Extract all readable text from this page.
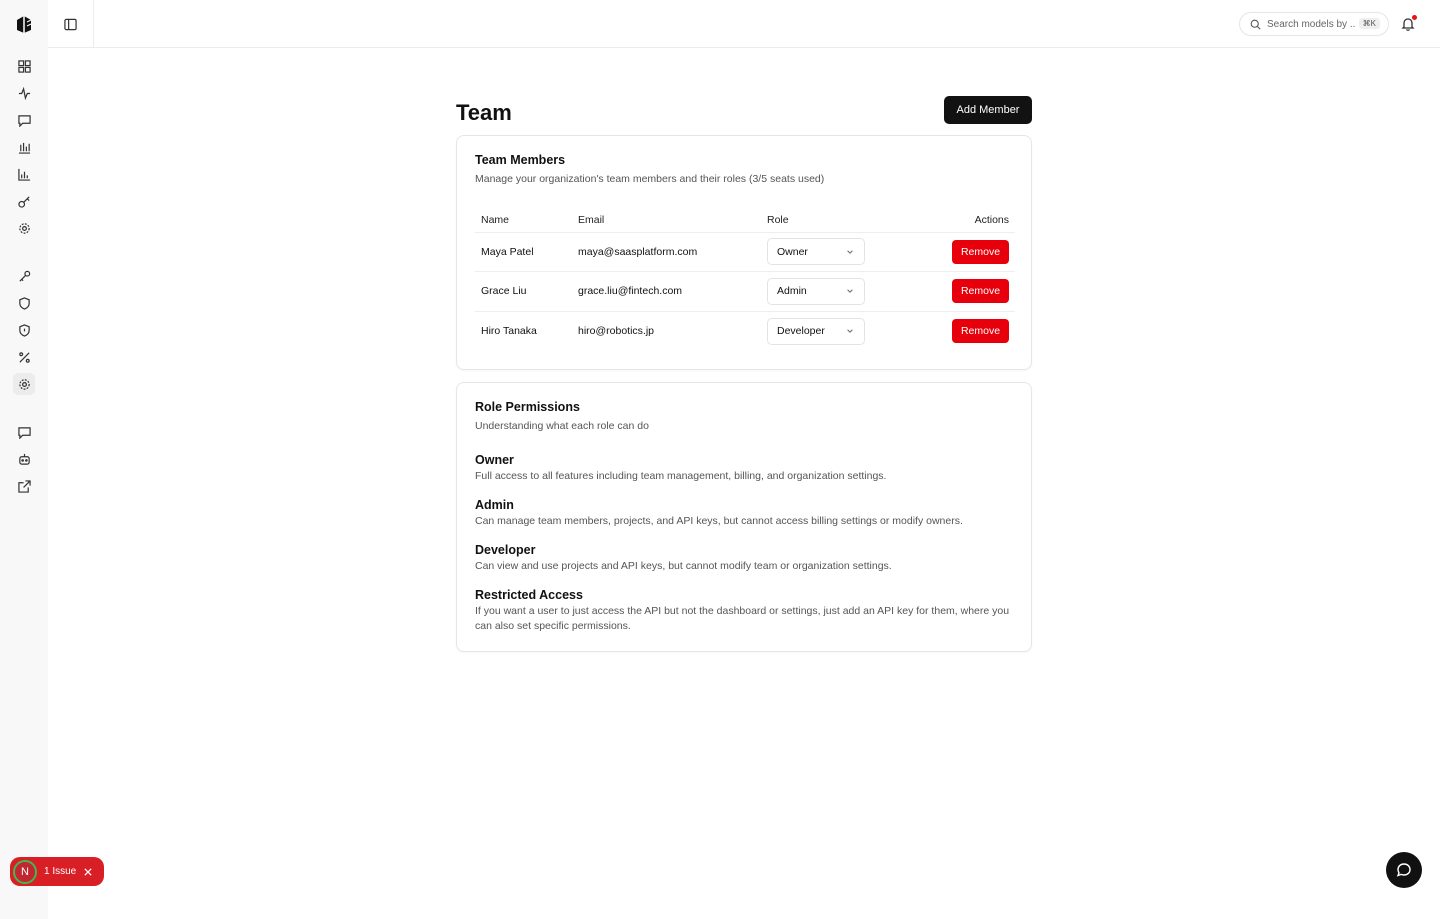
Search models by ...
⌘K
Team	Add Member
Team Members
Manage your organization's team members and their roles (3/5 seats used)
Name	Email	Role	Actions
Maya Patel	maya@saasplatform.com	Owner	Remove
Grace Liu	grace.liu@fintech.com	Admin	Remove
Hiro Tanaka	hiro@robotics.jp	Developer	Remove
Role Permissions
Understanding what each role can do
Owner
Full access to all features including team management, billing, and organization settings.
Admin
Can manage team members, projects, and API keys, but cannot access billing settings or modify owners.
Developer
Can view and use projects and API keys, but cannot modify team or organization settings.
Restricted Access
If you want a user to just access the API but not the dashboard or settings, just add an API key for them, where you can also set specific permissions.
N	1 Issue
